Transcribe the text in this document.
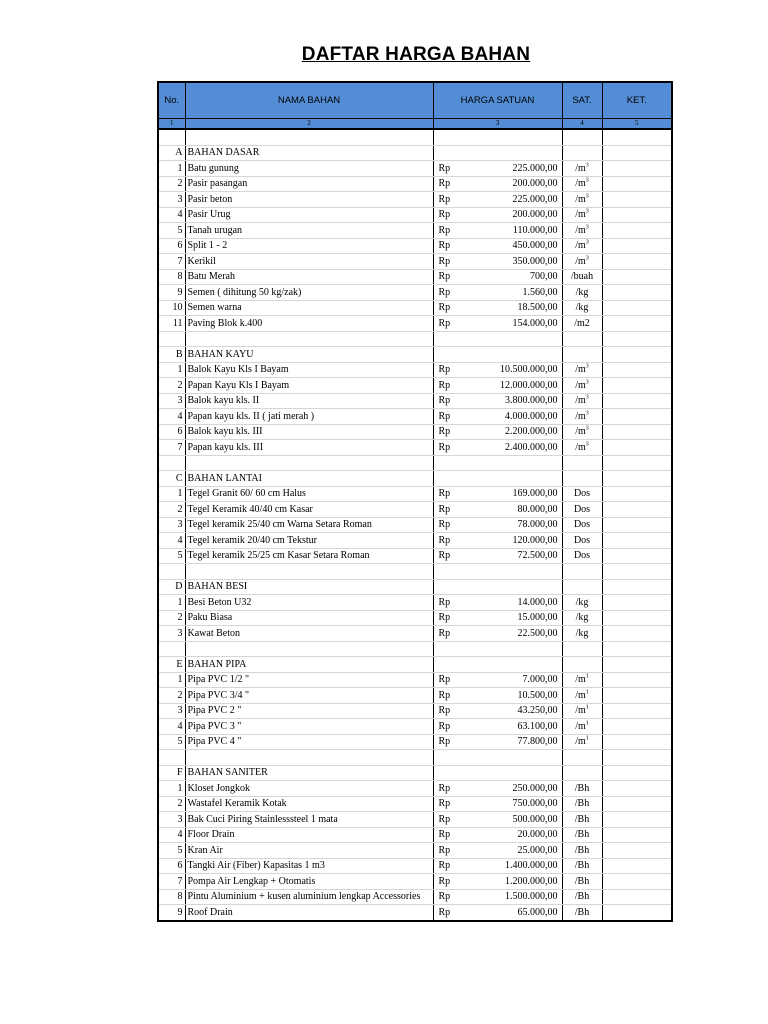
DAFTAR HARGA BAHAN
No.	NAMA BAHAN	HARGA SATUAN	SAT.	KET.
1	2	3	4	5

A	BAHAN DASAR			
1	Batu gunung	Rp 225.000,00	$/m^3$	
2	Pasir pasangan	Rp 200.000,00	$/m^3$	
3	Pasir beton	Rp 225.000,00	$/m^3$	
4	Pasir Urug	Rp 200.000,00	$/m^3$	
5	Tanah urugan	Rp 110.000,00	$/m^3$	
6	Split 1 - 2	Rp 450.000,00	$/m^3$	
7	Kerikil	Rp 350.000,00	$/m^3$	
8	Batu Merah	Rp 700,00	/buah	
9	Semen ( dihitung 50 kg/zak)	Rp 1.560,00	/kg	
10	Semen warna	Rp 18.500,00	/kg	
11	Paving Blok k.400	Rp 154.000,00	/m2	

B	BAHAN KAYU			
1	Balok Kayu Kls I Bayam	Rp 10.500.000,00	$/m^3$	
2	Papan Kayu Kls I Bayam	Rp 12.000.000,00	$/m^3$	
3	Balok kayu kls. II	Rp 3.800.000,00	$/m^3$	
4	Papan kayu kls. II ( jati merah )	Rp 4.000.000,00	$/m^3$	
6	Balok kayu kls. III	Rp 2.200.000,00	$/m^3$	
7	Papan kayu kls. III	Rp 2.400.000,00	$/m^3$	

C	BAHAN LANTAI			
1	Tegel Granit 60/ 60 cm Halus	Rp 169.000,00	Dos	
2	Tegel Keramik 40/40 cm Kasar	Rp 80.000,00	Dos	
3	Tegel keramik 25/40 cm Warna Setara Roman	Rp 78.000,00	Dos	
4	Tegel keramik 20/40 cm Tekstur	Rp 120.000,00	Dos	
5	Tegel keramik 25/25 cm Kasar Setara Roman	Rp 72.500,00	Dos	

D	BAHAN BESI			
1	Besi Beton U32	Rp 14.000,00	/kg	
2	Paku Biasa	Rp 15.000,00	/kg	
3	Kawat Beton	Rp 22.500,00	/kg	

E	BAHAN PIPA			
1	Pipa PVC 1/2 "	Rp 7.000,00	$/m^1$	
2	Pipa PVC 3/4 "	Rp 10.500,00	$/m^1$	
3	Pipa PVC 2 "	Rp 43.250,00	$/m^1$	
4	Pipa PVC 3 "	Rp 63.100,00	$/m^1$	
5	Pipa PVC 4 "	Rp 77.800,00	$/m^1$	

F	BAHAN SANITER			
1	Kloset Jongkok	Rp 250.000,00	/Bh	
2	Wastafel Keramik Kotak	Rp 750.000,00	/Bh	
3	Bak Cuci Piring Stainlesssteel 1 mata	Rp 500.000,00	/Bh	
4	Floor Drain	Rp 20.000,00	/Bh	
5	Kran Air	Rp 25.000,00	/Bh	
6	Tangki Air (Fiber) Kapasitas 1 m3	Rp 1.400.000,00	/Bh	
7	Pompa Air Lengkap + Otomatis	Rp 1.200.000,00	/Bh	
8	Pintu Aluminium + kusen aluminium lengkap Accessories	Rp 1.500.000,00	/Bh	
9	Roof Drain	Rp 65.000,00	/Bh	
